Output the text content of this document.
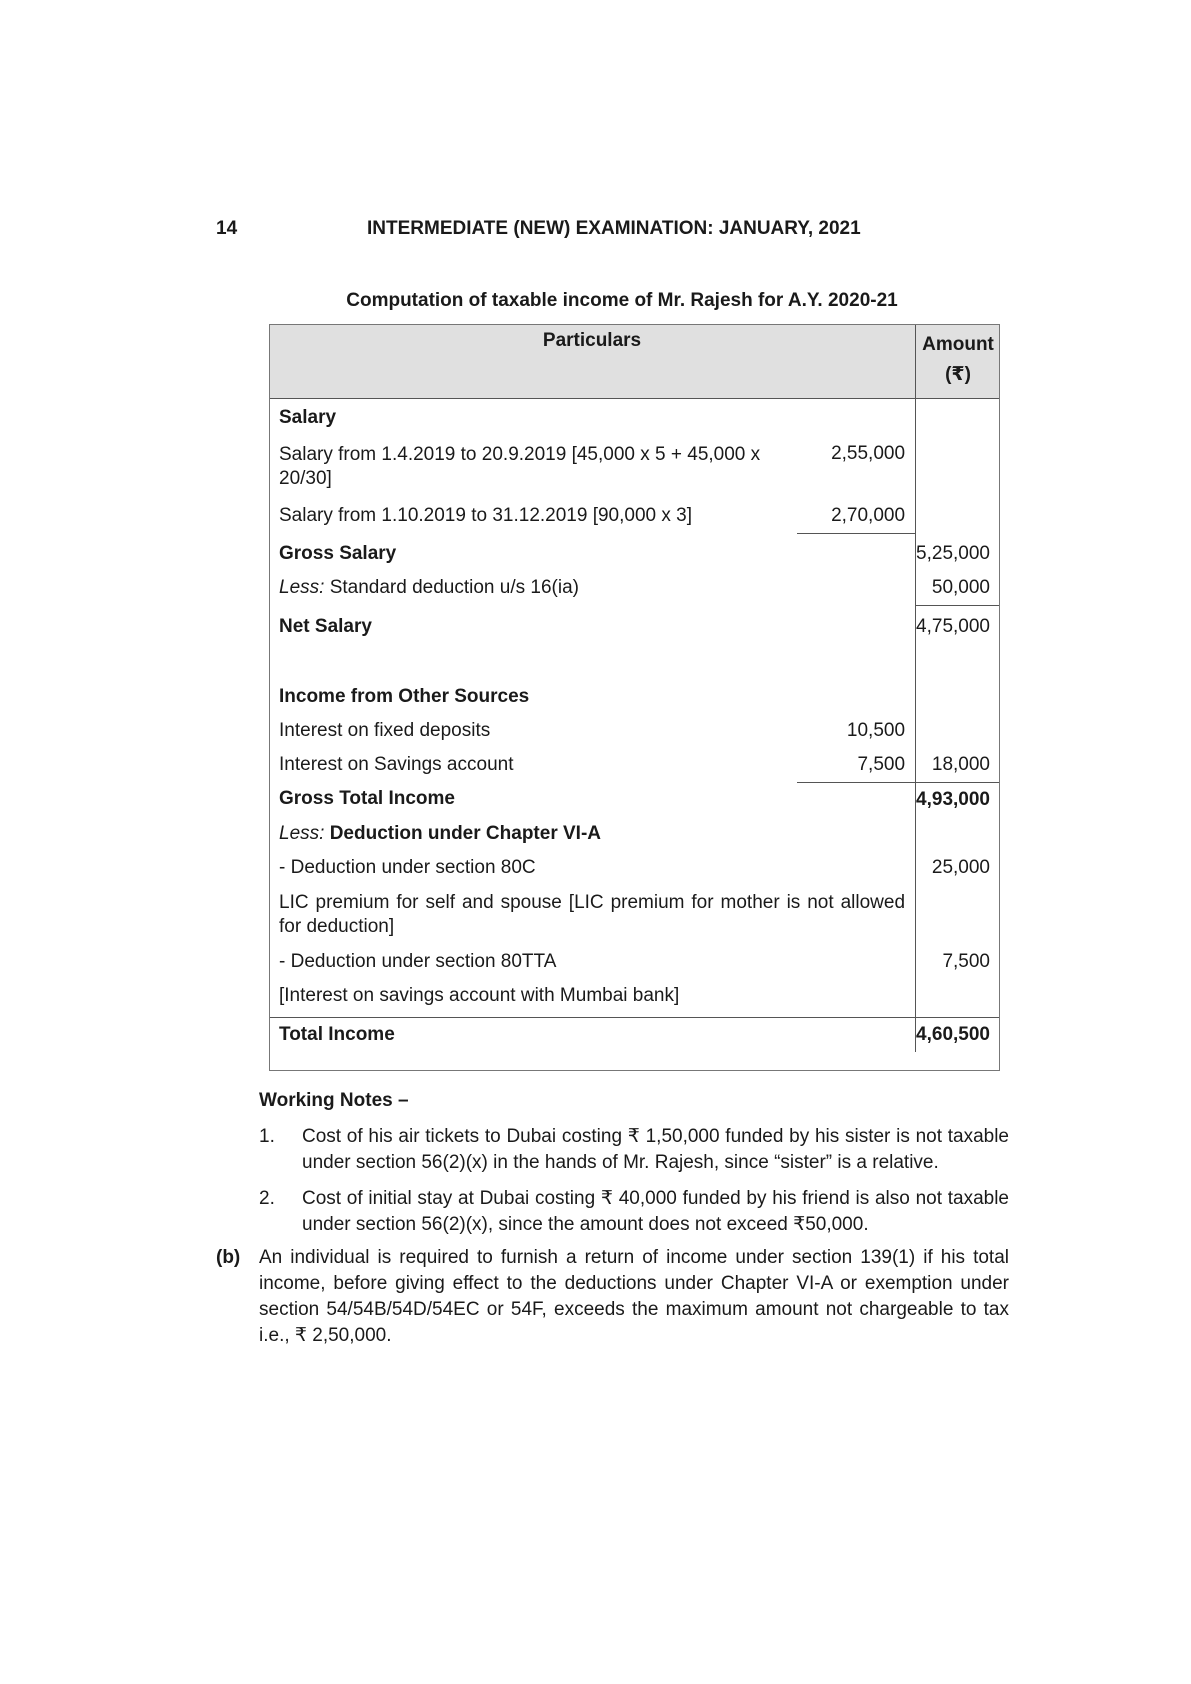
14	INTERMEDIATE (NEW) EXAMINATION: JANUARY, 2021
Computation of taxable income of Mr. Rajesh for A.Y. 2020-21
Particulars		Amount
(₹)
Salary		
Salary from 1.4.2019 to 20.9.2019 [45,000 x 5 + 45,000 x 20/30]	2,55,000	
Salary from 1.10.2019 to 31.12.2019 [90,000 x 3]	2,70,000	
Gross Salary		5,25,000
Less: Standard deduction u/s 16(ia)		50,000
Net Salary		4,75,000
Income from Other Sources		
Interest on fixed deposits	10,500	
Interest on Savings account	7,500	18,000
Gross Total Income		4,93,000
Less: Deduction under Chapter VI-A		
- Deduction under section 80C		25,000
LIC premium for self and spouse [LIC premium for mother is not allowed for deduction]		
- Deduction under section 80TTA		7,500
[Interest on savings account with Mumbai bank]		
Total Income		4,60,500
Working Notes –
1.	Cost of his air tickets to Dubai costing ₹ 1,50,000 funded by his sister is not taxable under section 56(2)(x) in the hands of Mr. Rajesh, since “sister” is a relative.
2.	Cost of initial stay at Dubai costing ₹ 40,000 funded by his friend is also not taxable under section 56(2)(x), since the amount does not exceed ₹50,000.
(b) An individual is required to furnish a return of income under section 139(1) if his total income, before giving effect to the deductions under Chapter VI-A or exemption under section 54/54B/54D/54EC or 54F, exceeds the maximum amount not chargeable to tax i.e., ₹ 2,50,000.
